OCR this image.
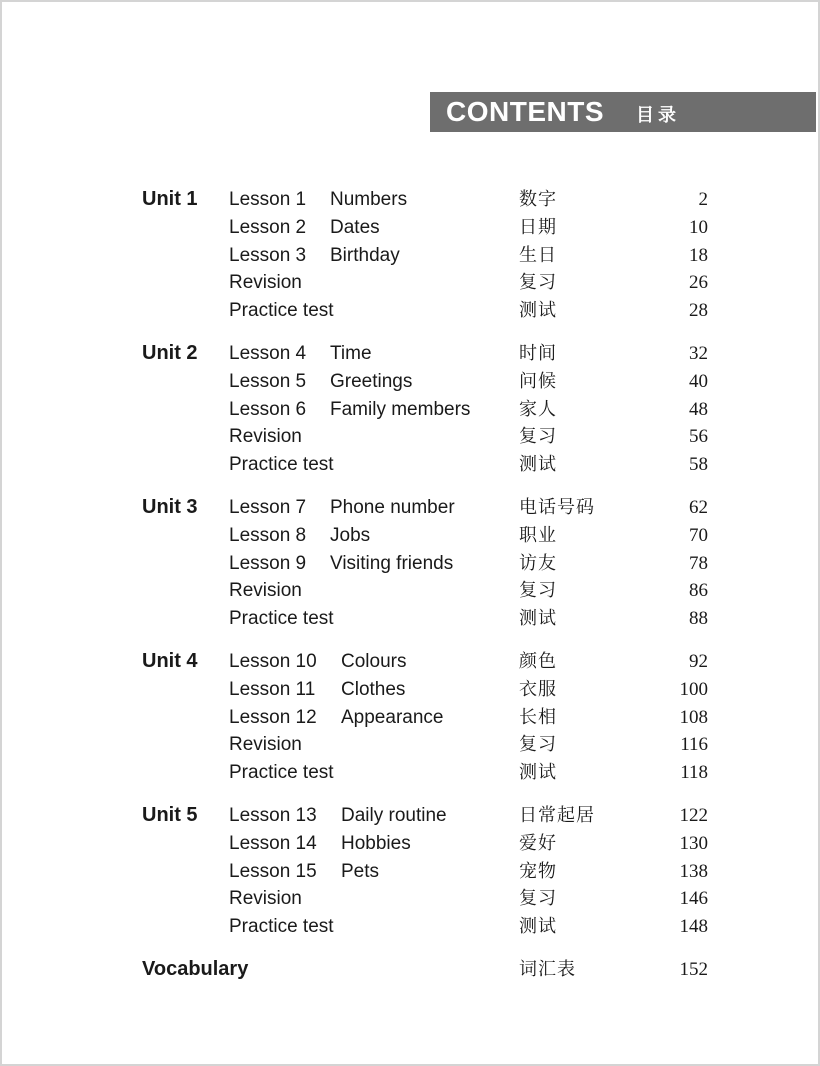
CONTENTS 目录
Unit 1	Lesson 1	Numbers	数字	2
Lesson 2	Dates	日期	10
Lesson 3	Birthday	生日	18
Revision	复习	26
Practice test	测试	28
Unit 2	Lesson 4	Time	时间	32
Lesson 5	Greetings	问候	40
Lesson 6	Family members	家人	48
Revision	复习	56
Practice test	测试	58
Unit 3	Lesson 7	Phone number	电话号码	62
Lesson 8	Jobs	职业	70
Lesson 9	Visiting friends	访友	78
Revision	复习	86
Practice test	测试	88
Unit 4	Lesson 10	Colours	颜色	92
Lesson 11	Clothes	衣服	100
Lesson 12	Appearance	长相	108
Revision	复习	116
Practice test	测试	118
Unit 5	Lesson 13	Daily routine	日常起居	122
Lesson 14	Hobbies	爱好	130
Lesson 15	Pets	宠物	138
Revision	复习	146
Practice test	测试	148
Vocabulary	词汇表	152
